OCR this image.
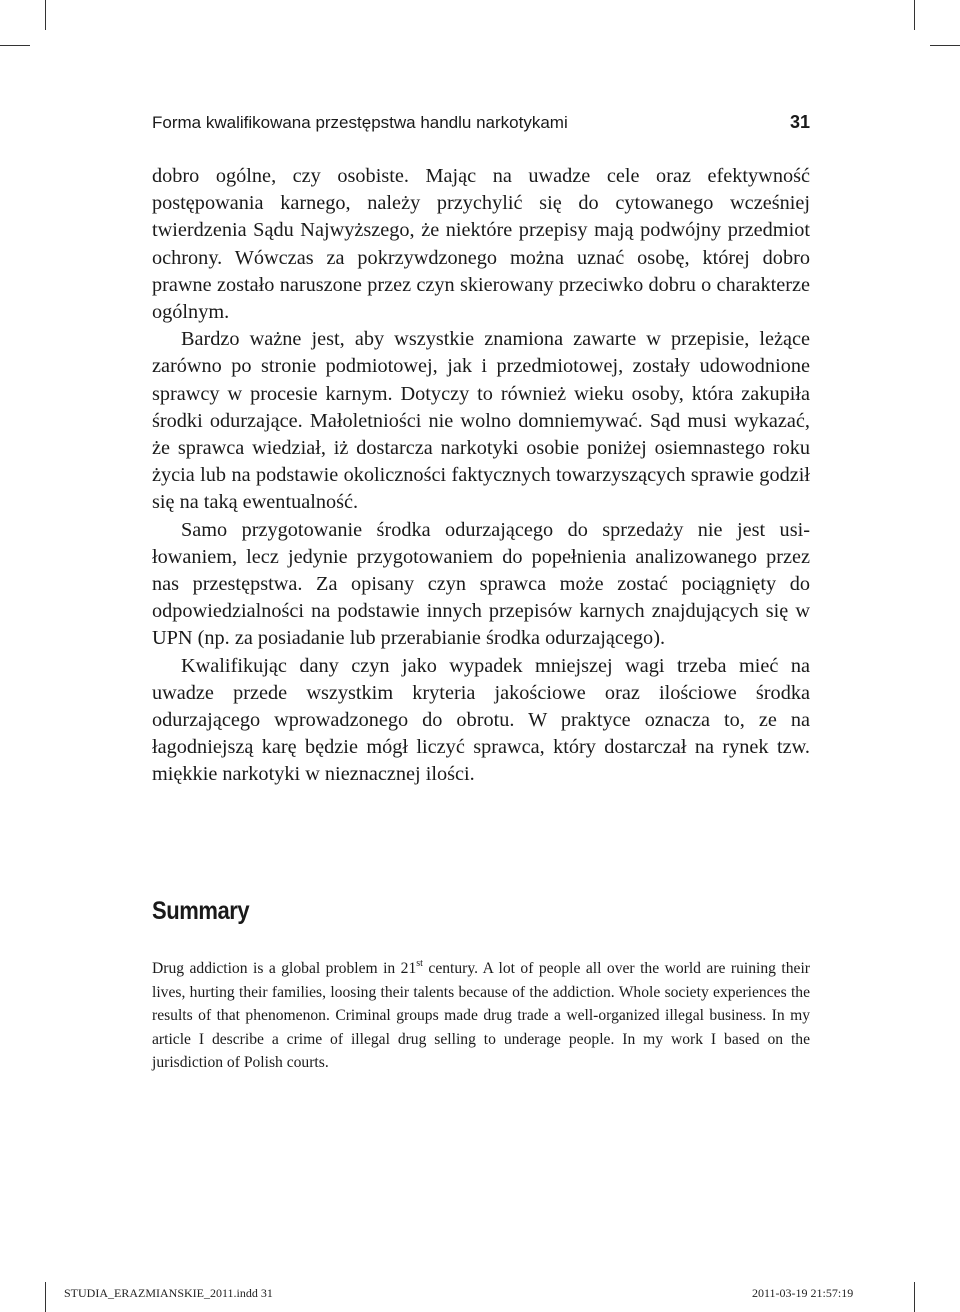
Forma kwalifikowana przestępstwa handlu narkotykami	31

dobro ogólne, czy osobiste. Mając na uwadze cele oraz efektywność postępowania karnego, należy przychylić się do cytowanego wcześniej twierdzenia Sądu Najwyższego, że niektóre przepisy mają podwójny przedmiot ochrony. Wówczas za pokrzywdzonego można uznać osobę, której dobro prawne zostało naruszone przez czyn skierowany przeciwko dobru o charakterze ogólnym.

Bardzo ważne jest, aby wszystkie znamiona zawarte w przepisie, leżące zarówno po stronie podmiotowej, jak i przedmiotowej, zostały udowodnione sprawcy w procesie karnym. Dotyczy to również wieku osoby, która zakupiła środki odurzające. Małoletniości nie wolno domniemywać. Sąd musi wykazać, że sprawca wiedział, iż dostarcza narkotyki osobie poniżej osiemnastego roku życia lub na podstawie okoliczności faktycznych towarzyszących sprawie godził się na taką ewentualność.

Samo przygotowanie środka odurzającego do sprzedaży nie jest usiłowaniem, lecz jedynie przygotowaniem do popełnienia analizowanego przez nas przestępstwa. Za opisany czyn sprawca może zostać pociągnięty do odpowiedzialności na podstawie innych przepisów karnych znajdujących się w UPN (np. za posiadanie lub przerabianie środka odurzającego).

Kwalifikując dany czyn jako wypadek mniejszej wagi trzeba mieć na uwadze przede wszystkim kryteria jakościowe oraz ilościowe środka odurzającego wprowadzonego do obrotu. W praktyce oznacza to, ze na łagodniejszą karę będzie mógł liczyć sprawca, który dostarczał na rynek tzw. miękkie narkotyki w nieznacznej ilości.

Summary
Drug addiction is a global problem in 21st century. A lot of people all over the world are ruining their lives, hurting their families, loosing their talents because of the addiction. Whole society experiences the results of that phenomenon. Criminal groups made drug trade a well-organized illegal business. In my article I describe a crime of illegal drug selling to underage people. In my work I based on the jurisdiction of Polish courts.
STUDIA_ERAZMIANSKIE_2011.indd 31	2011-03-19 21:57:19
